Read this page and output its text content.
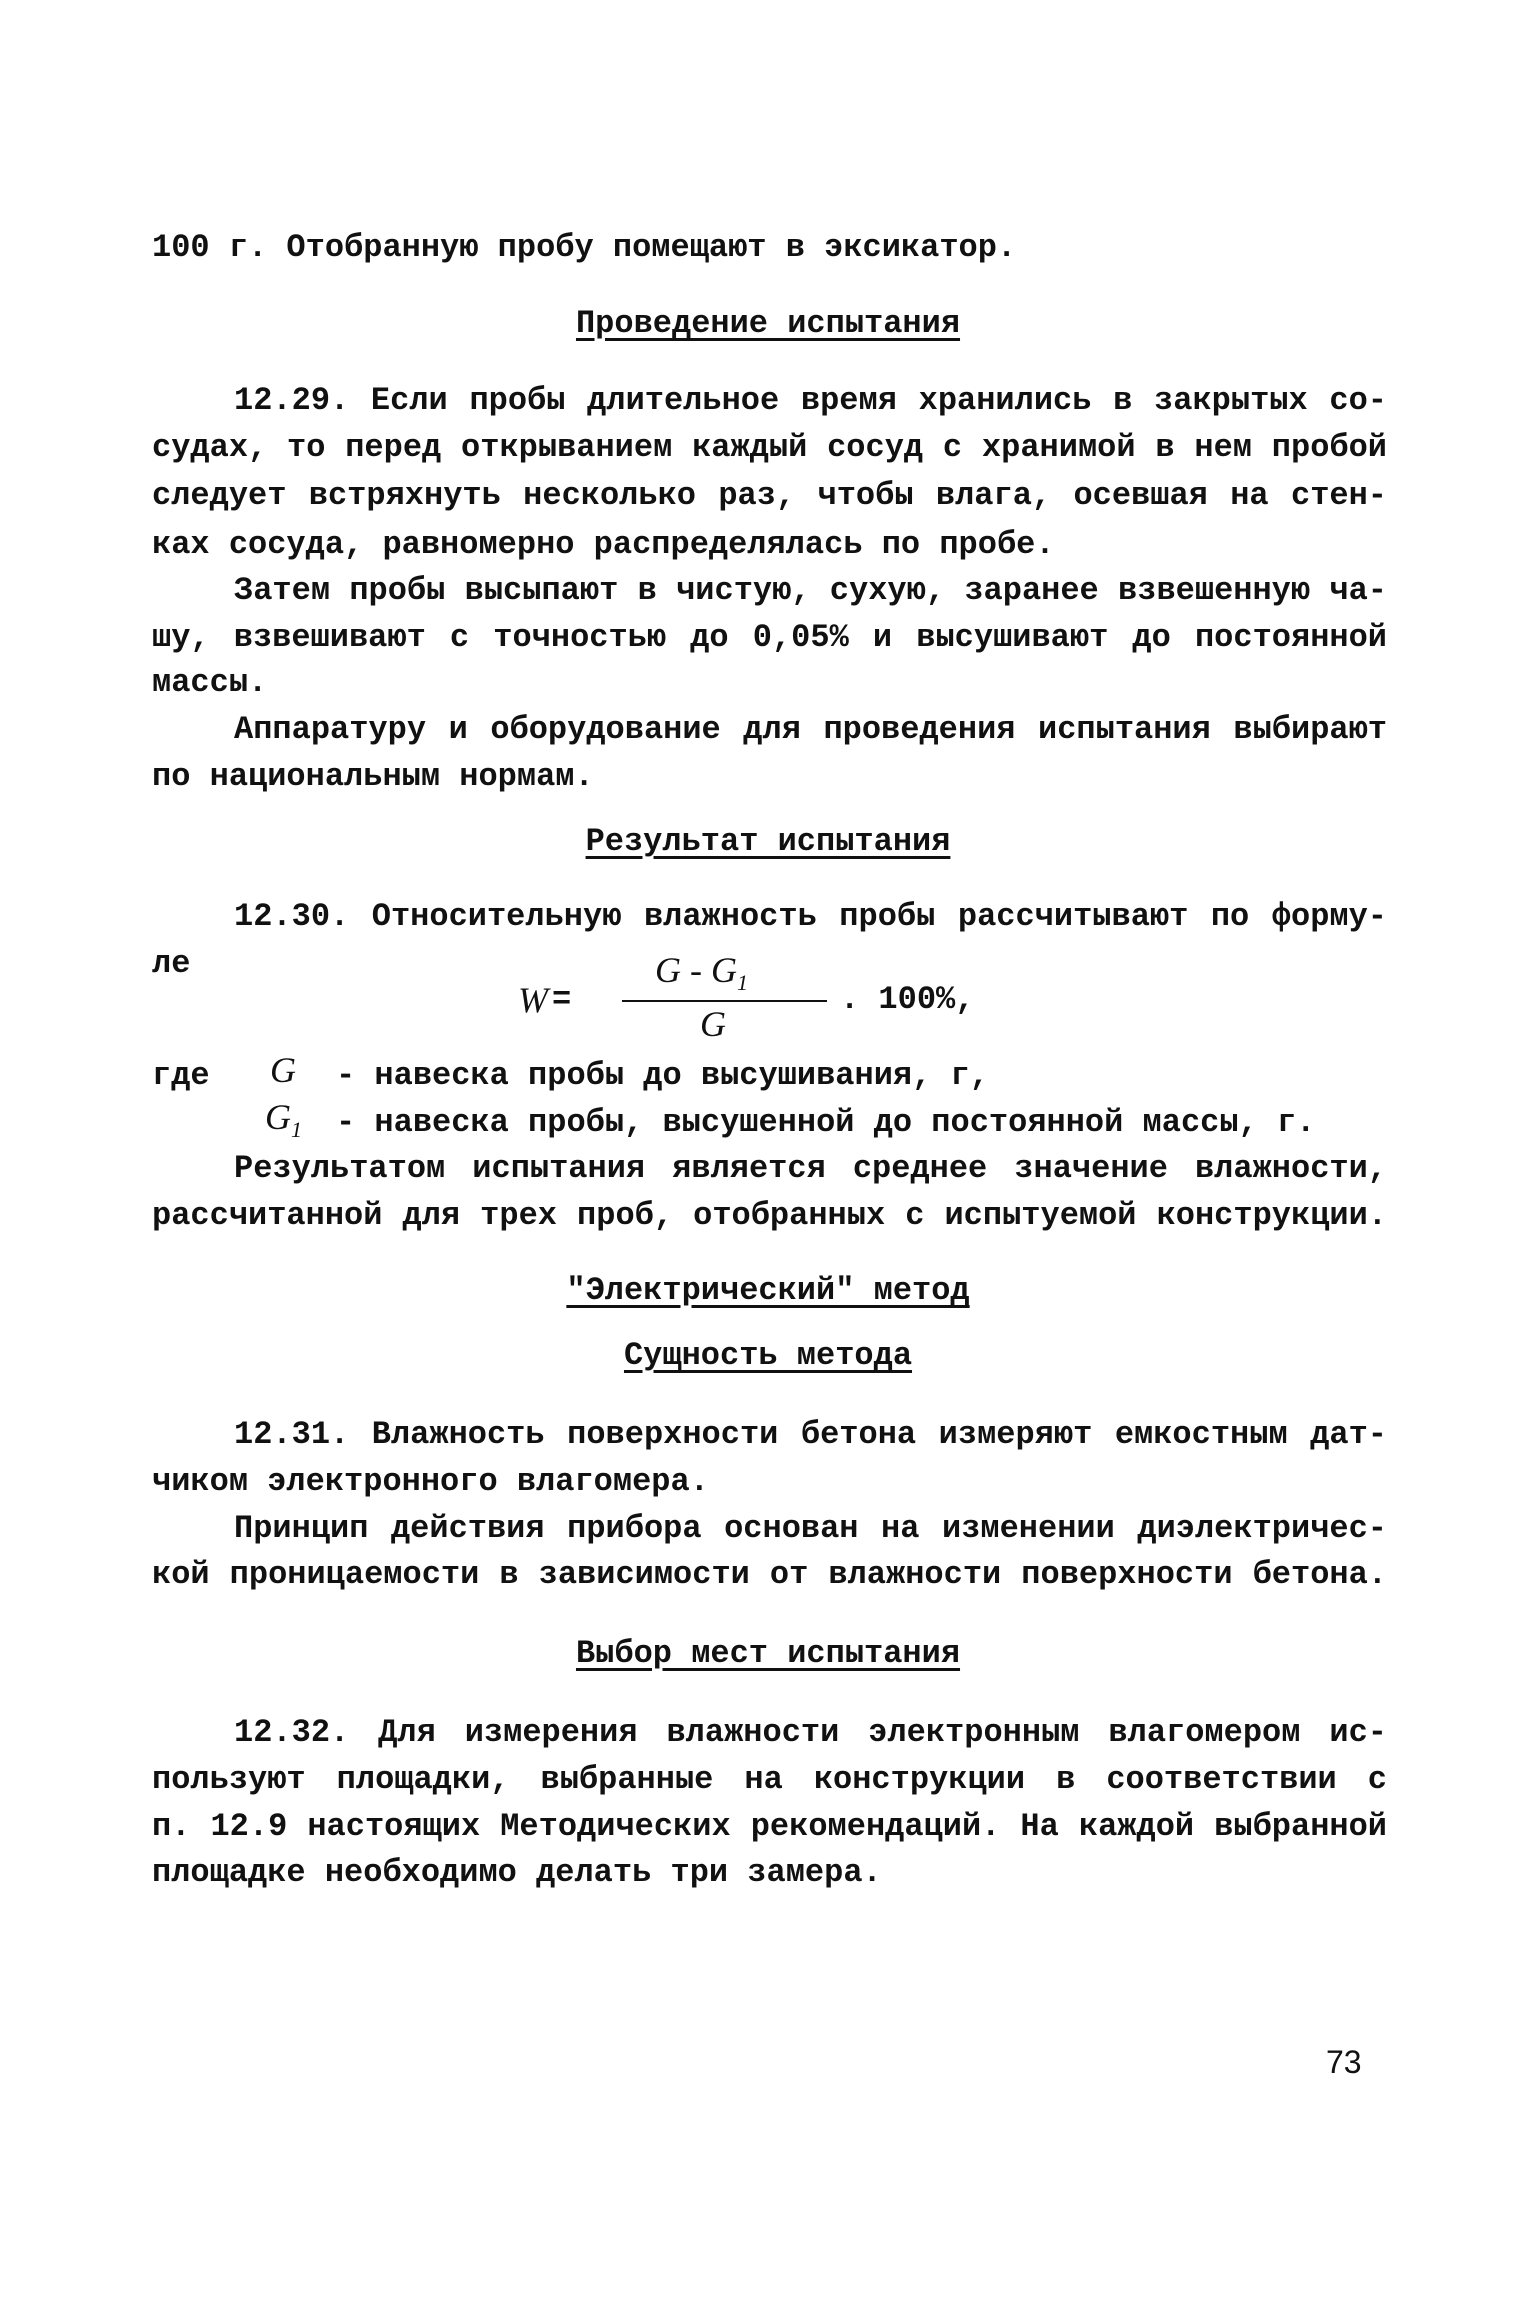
100 г. Отобранную пробу помещают в эксикатор.
Проведение испытания
12.29. Если пробы длительное время хранились в закрытых со-
судах, то перед открыванием каждый сосуд с хранимой в нем пробой
следует встряхнуть несколько раз, чтобы влага, осевшая на стен-
ках сосуда, равномерно распределялась по пробе.
Затем пробы высыпают в чистую, сухую, заранее взвешенную ча-
шу, взвешивают с точностью до 0,05% и высушивают до постоянной
массы.
Аппаратуру и оборудование для проведения испытания выбирают
по национальным нормам.
Результат испытания
12.30. Относительную влажность пробы рассчитывают по форму-
ле
W =
G - $G_1$
G
. 100%,
где G - навеска пробы до высушивания, г,
$G_1$ - навеска пробы, высушенной до постоянной массы, г.
Результатом испытания является среднее значение влажности,
рассчитанной для трех проб, отобранных с испытуемой конструкции.
"Электрический" метод
Сущность метода
12.31. Влажность поверхности бетона измеряют емкостным дат-
чиком электронного влагомера.
Принцип действия прибора основан на изменении диэлектричес-
кой проницаемости в зависимости от влажности поверхности бетона.
Выбор мест испытания
12.32. Для измерения влажности электронным влагомером ис-
пользуют площадки, выбранные на конструкции в соответствии с
п. 12.9 настоящих Методических рекомендаций. На каждой выбранной
площадке необходимо делать три замера.
73
